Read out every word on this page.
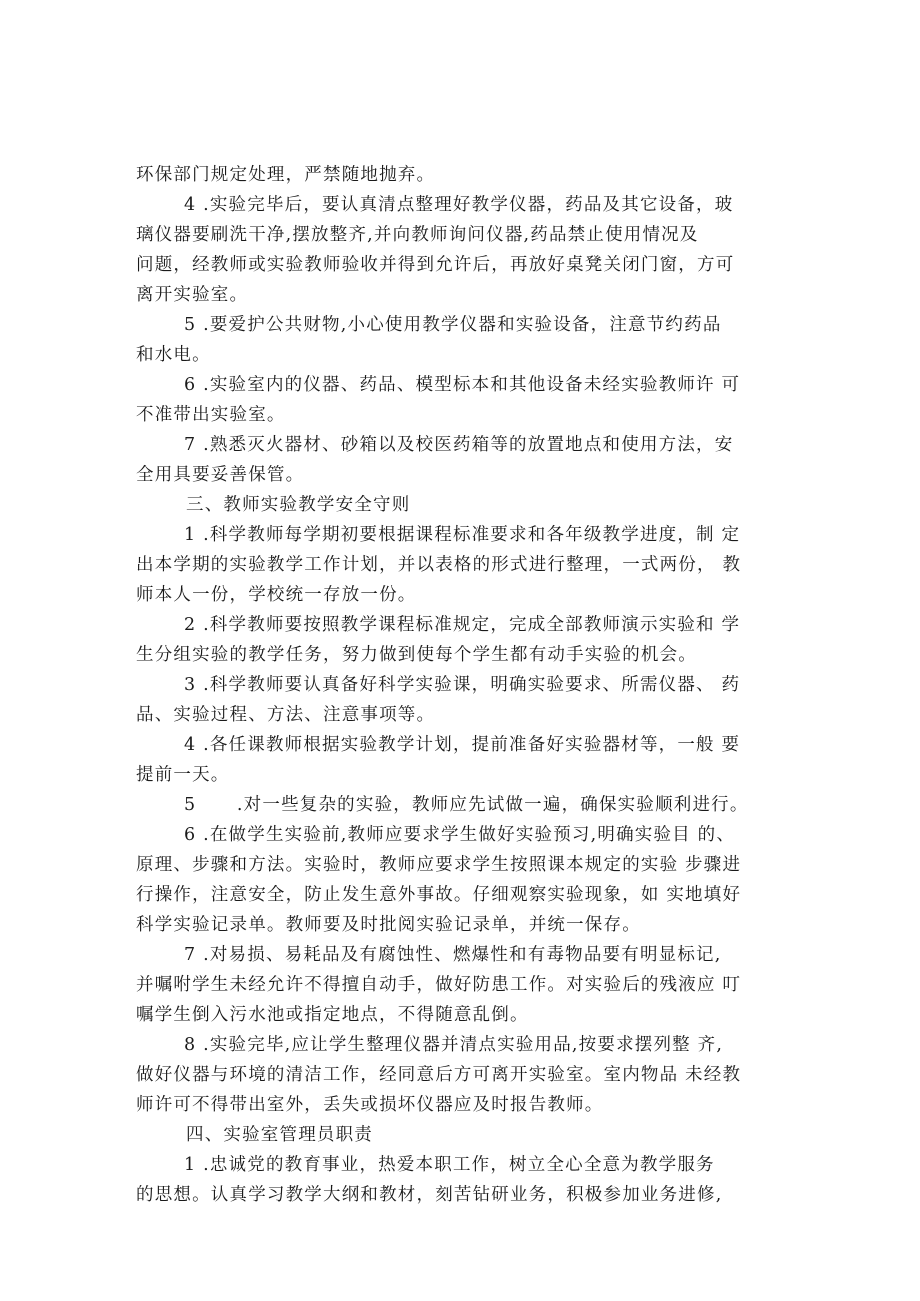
环保部门规定处理，严禁随地抛弃。
4 .实验完毕后，要认真清点整理好教学仪器，药品及其它设备，玻
璃仪器要刷洗干净,摆放整齐,并向教师询问仪器,药品禁止使用情况及
问题，经教师或实验教师验收并得到允许后，再放好桌凳关闭门窗，方可
离开实验室。
5 .要爱护公共财物,小心使用教学仪器和实验设备，注意节约药品
和水电。
6 .实验室内的仪器、药品、模型标本和其他设备未经实验教师许 可
不准带出实验室。
7 .熟悉灭火器材、砂箱以及校医药箱等的放置地点和使用方法，安
全用具要妥善保管。
三、教师实验教学安全守则
1 .科学教师每学期初要根据课程标准要求和各年级教学进度，制 定
出本学期的实验教学工作计划，并以表格的形式进行整理，一式两份， 教
师本人一份，学校统一存放一份。
2 .科学教师要按照教学课程标准规定，完成全部教师演示实验和 学
生分组实验的教学任务，努力做到使每个学生都有动手实验的机会。
3 .科学教师要认真备好科学实验课，明确实验要求、所需仪器、 药
品、实验过程、方法、注意事项等。
4 .各任课教师根据实验教学计划，提前准备好实验器材等，一般 要
提前一天。
5      .对一些复杂的实验，教师应先试做一遍，确保实验顺利进行。
6 .在做学生实验前,教师应要求学生做好实验预习,明确实验目 的、
原理、步骤和方法。实验时，教师应要求学生按照课本规定的实验 步骤进
行操作，注意安全，防止发生意外事故。仔细观察实验现象，如 实地填好
科学实验记录单。教师要及时批阅实验记录单，并统一保存。
7 .对易损、易耗品及有腐蚀性、燃爆性和有毒物品要有明显标记,
并嘱咐学生未经允许不得擅自动手，做好防患工作。对实验后的残液应 叮
嘱学生倒入污水池或指定地点，不得随意乱倒。
8 .实验完毕,应让学生整理仪器并清点实验用品,按要求摆列整 齐,
做好仪器与环境的清洁工作，经同意后方可离开实验室。室内物品 未经教
师许可不得带出室外，丢失或损坏仪器应及时报告教师。
四、实验室管理员职责
1 .忠诚党的教育事业，热爱本职工作，树立全心全意为教学服务
的思想。认真学习教学大纲和教材，刻苦钻研业务，积极参加业务进修,
